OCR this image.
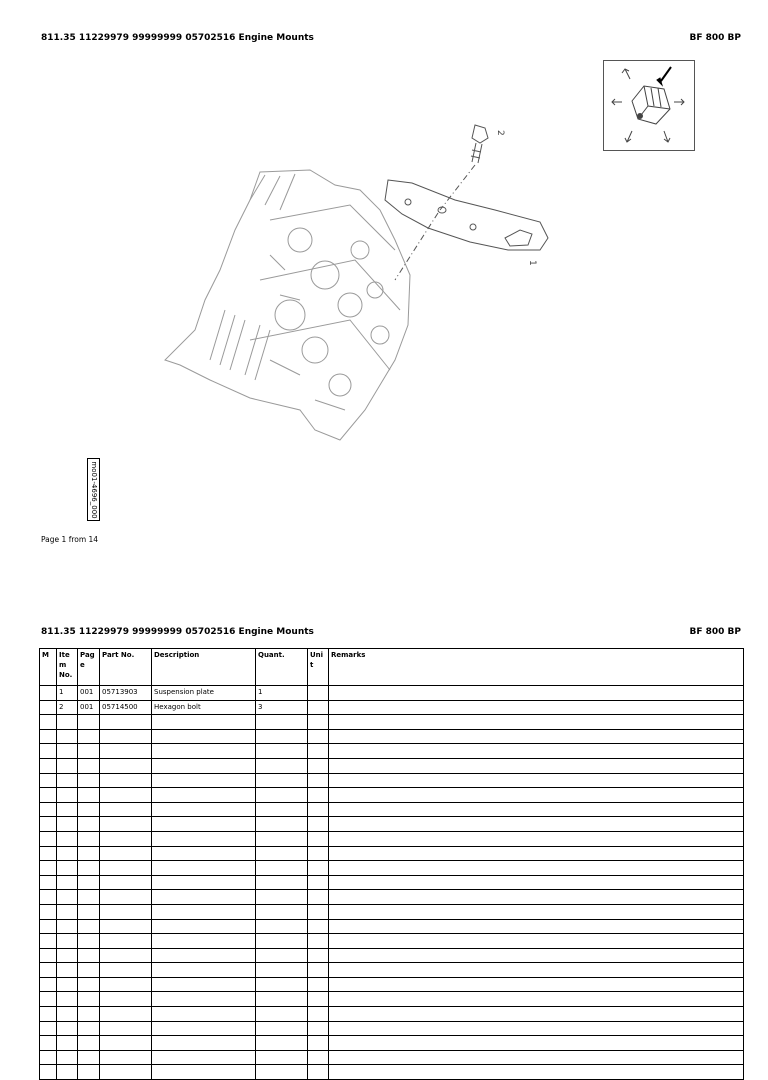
811.35 11229979 99999999 05702516 Engine Mounts	BF 800 BP
2
1
mo01-4696_000
Page 1 from 14
811.35 11229979 99999999 05702516 Engine Mounts	BF 800 BP
M	Ite m No.	Pag e	Part No.	Description	Quant.	Uni t	Remarks
	1	001	05713903	Suspension plate	1		
	2	001	05714500	Hexagon bolt	3		
